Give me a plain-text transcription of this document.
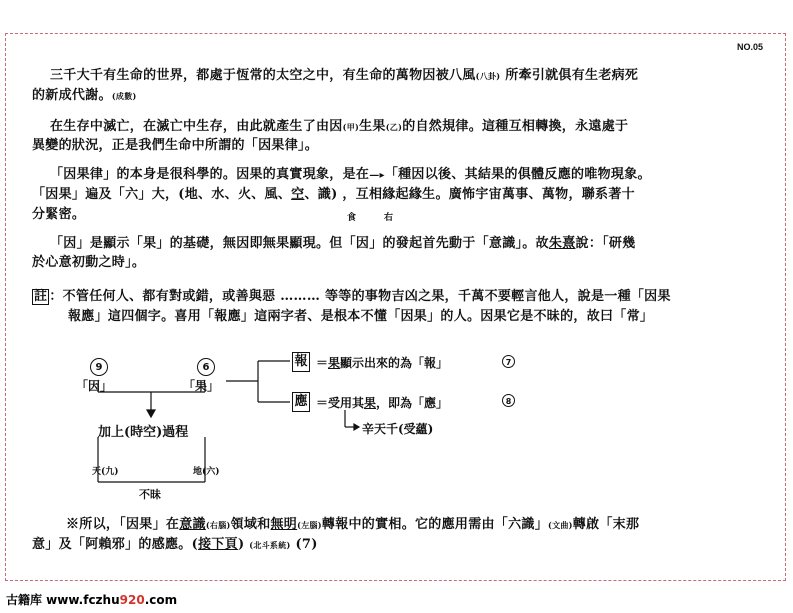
NO.05
三千大千有生命的世界，都處于恆常的太空之中，有生命的萬物因被八風(八卦) 所牽引就俱有生老病死
的新成代謝。(成數)
在生存中滅亡，在滅亡中生存，由此就產生了由因(甲)生果(乙)的自然規律。這種互相轉換，永遠處于
異變的狀況，正是我們生命中所謂的「因果律」。
「因果律」的本身是很科學的。因果的真實現象，是在—▸「種因以後、其結果的俱體反應的唯物現象。
「因果」遍及「六」大，(地、水、火、風、空、識) ，互相緣起緣生。廣怖宇宙萬事、萬物，聯系著十
分緊密。	食	右
「因」是顯示「果」的基礎，無因即無果顯現。但「因」的發起首先動于「意識」。故朱熹說：「研幾
於心意初動之時」。
註 ：不管任何人、都有對或錯，或善與惡 ……… 等等的事物吉凶之果，千萬不要輕言他人，說是一種「因果
報應」這四個字。喜用「報應」這兩字者、是根本不懂「因果」的人。因果它是不昧的，故曰「常」
9	6
「因」	「果」
報 ＝果顯示出來的為「報」	7
應 ＝受用其果，即為「應」	8
辛天千(受蘊)
加上(時空)過程
天(九)	地(六)
不昧
※所以，「因果」在意識(右腦)領域和無明(左腦)轉報中的實相。它的應用需由「六識」(文曲)轉啟「末那
意」及「阿賴邪」的感應。(接下頁) (北斗系統) (7)
古籍库 www.fczhu920.com
